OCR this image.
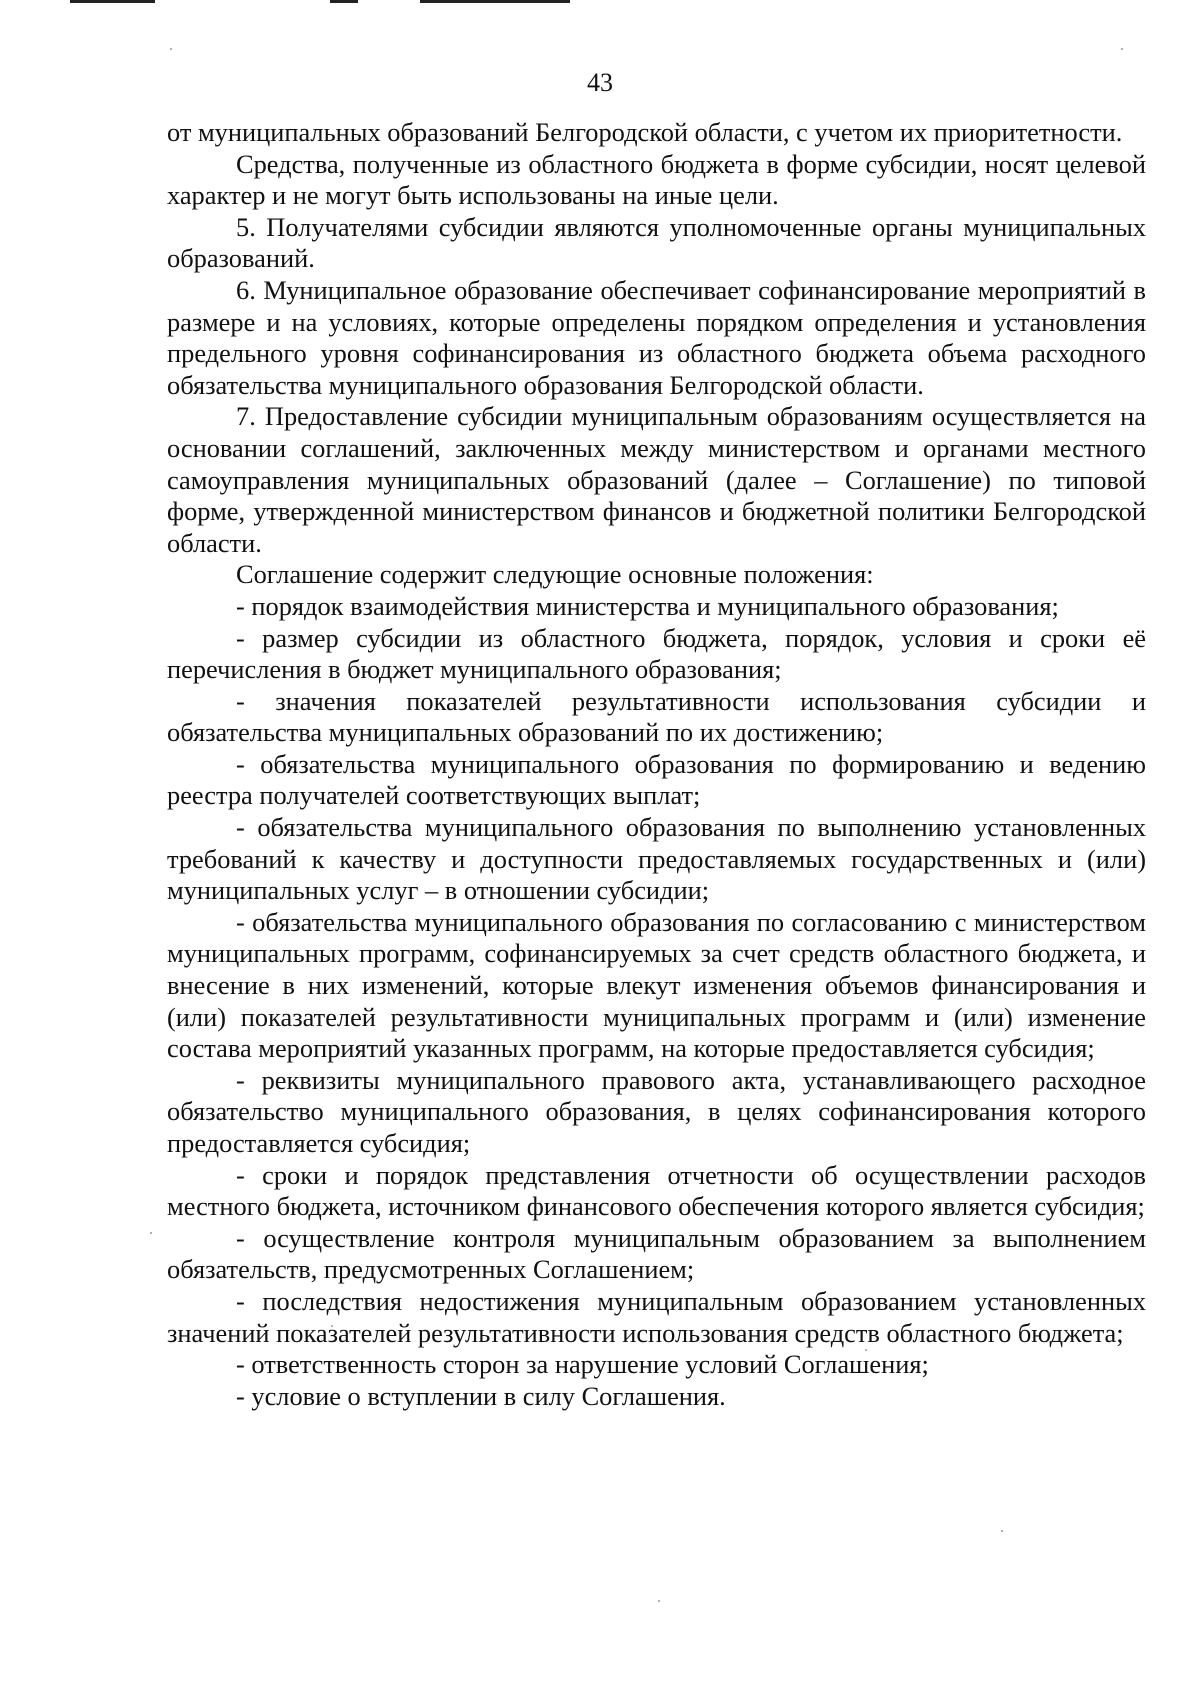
43

от муниципальных образований Белгородской области, с учетом их приоритетности.

Средства, полученные из областного бюджета в форме субсидии, носят целевой характер и не могут быть использованы на иные цели.

5. Получателями субсидии являются уполномоченные органы муниципальных образований.

6. Муниципальное образование обеспечивает софинансирование мероприятий в размере и на условиях, которые определены порядком определения и установления предельного уровня софинансирования из областного бюджета объема расходного обязательства муниципального образования Белгородской области.

7. Предоставление субсидии муниципальным образованиям осуществляется на основании соглашений, заключенных между министерством и органами местного самоуправления муниципальных образований (далее – Соглашение) по типовой форме, утвержденной министерством финансов и бюджетной политики Белгородской области.

Соглашение содержит следующие основные положения:

- порядок взаимодействия министерства и муниципального образования;

- размер субсидии из областного бюджета, порядок, условия и сроки её перечисления в бюджет муниципального образования;

- значения показателей результативности использования субсидии и обязательства муниципальных образований по их достижению;

- обязательства муниципального образования по формированию и ведению реестра получателей соответствующих выплат;

- обязательства муниципального образования по выполнению установленных требований к качеству и доступности предоставляемых государственных и (или) муниципальных услуг – в отношении субсидии;

- обязательства муниципального образования по согласованию с министерством муниципальных программ, софинансируемых за счет средств областного бюджета, и внесение в них изменений, которые влекут изменения объемов финансирования и (или) показателей результативности муниципальных программ и (или) изменение состава мероприятий указанных программ, на которые предоставляется субсидия;

- реквизиты муниципального правового акта, устанавливающего расходное обязательство муниципального образования, в целях софинансирования которого предоставляется субсидия;

- сроки и порядок представления отчетности об осуществлении расходов местного бюджета, источником финансового обеспечения которого является субсидия;

- осуществление контроля муниципальным образованием за выполнением обязательств, предусмотренных Соглашением;

- последствия недостижения муниципальным образованием установленных значений показателей результативности использования средств областного бюджета;

- ответственность сторон за нарушение условий Соглашения;

- условие о вступлении в силу Соглашения.
